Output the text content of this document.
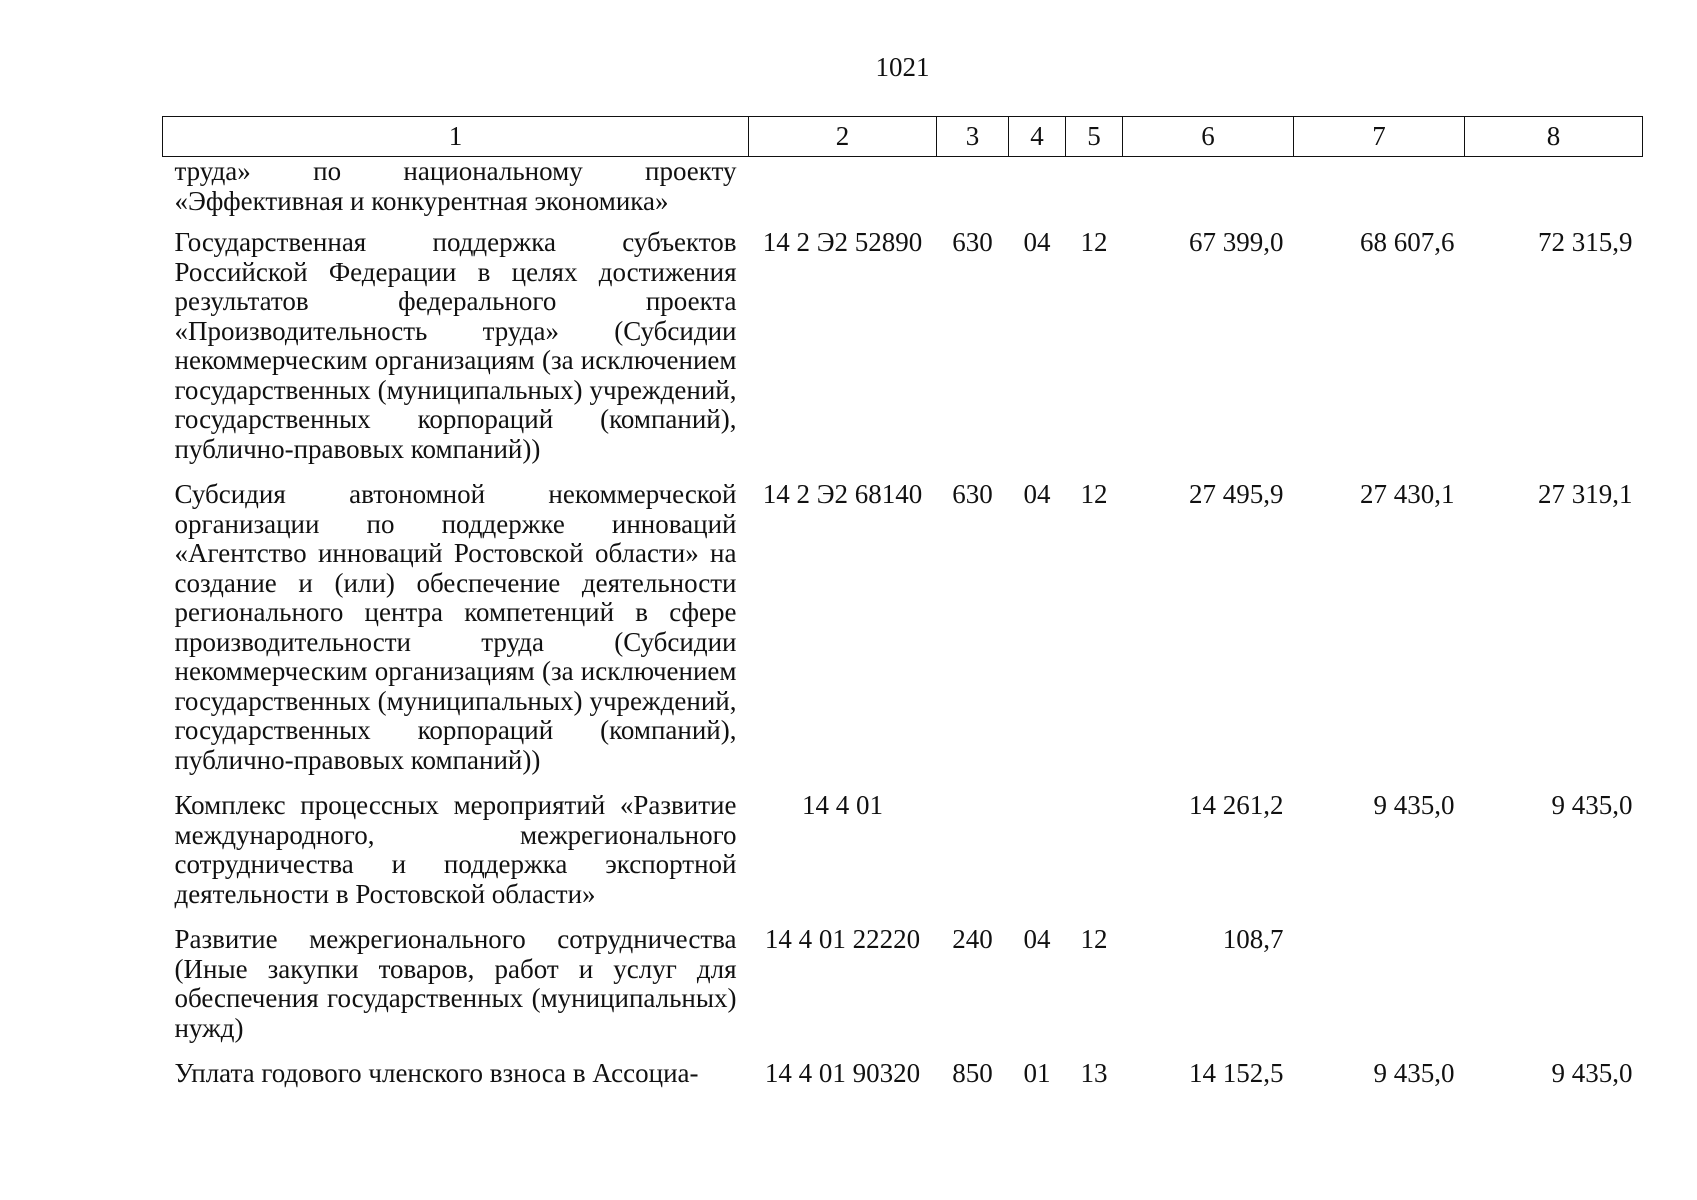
1021
1	2	3	4	5	6	7	8
труда» по национальному проекту «Эффективная и конкурентная экономика»							
Государственная поддержка субъектов Российской Федерации в целях достижения результатов федерального проекта «Производительность труда» (Субсидии некоммерческим организациям (за исключением государственных (муниципальных) учреждений, государственных корпораций (компаний), публично-правовых компаний))	14 2 Э2 52890	630	04	12	67 399,0	68 607,6	72 315,9
Субсидия автономной некоммерческой организации по поддержке инноваций «Агентство инноваций Ростовской области» на создание и (или) обеспечение деятельности регионального центра компетенций в сфере производительности труда (Субсидии некоммерческим организациям (за исключением государственных (муниципальных) учреждений, государственных корпораций (компаний), публично-правовых компаний))	14 2 Э2 68140	630	04	12	27 495,9	27 430,1	27 319,1
Комплекс процессных мероприятий «Развитие международного, межрегионального сотрудничества и поддержка экспортной деятельности в Ростовской области»	14 4 01				14 261,2	9 435,0	9 435,0
Развитие межрегионального сотрудничества (Иные закупки товаров, работ и услуг для обеспечения государственных (муниципальных) нужд)	14 4 01 22220	240	04	12	108,7		
Уплата годового членского взноса в Ассоциа-	14 4 01 90320	850	01	13	14 152,5	9 435,0	9 435,0
